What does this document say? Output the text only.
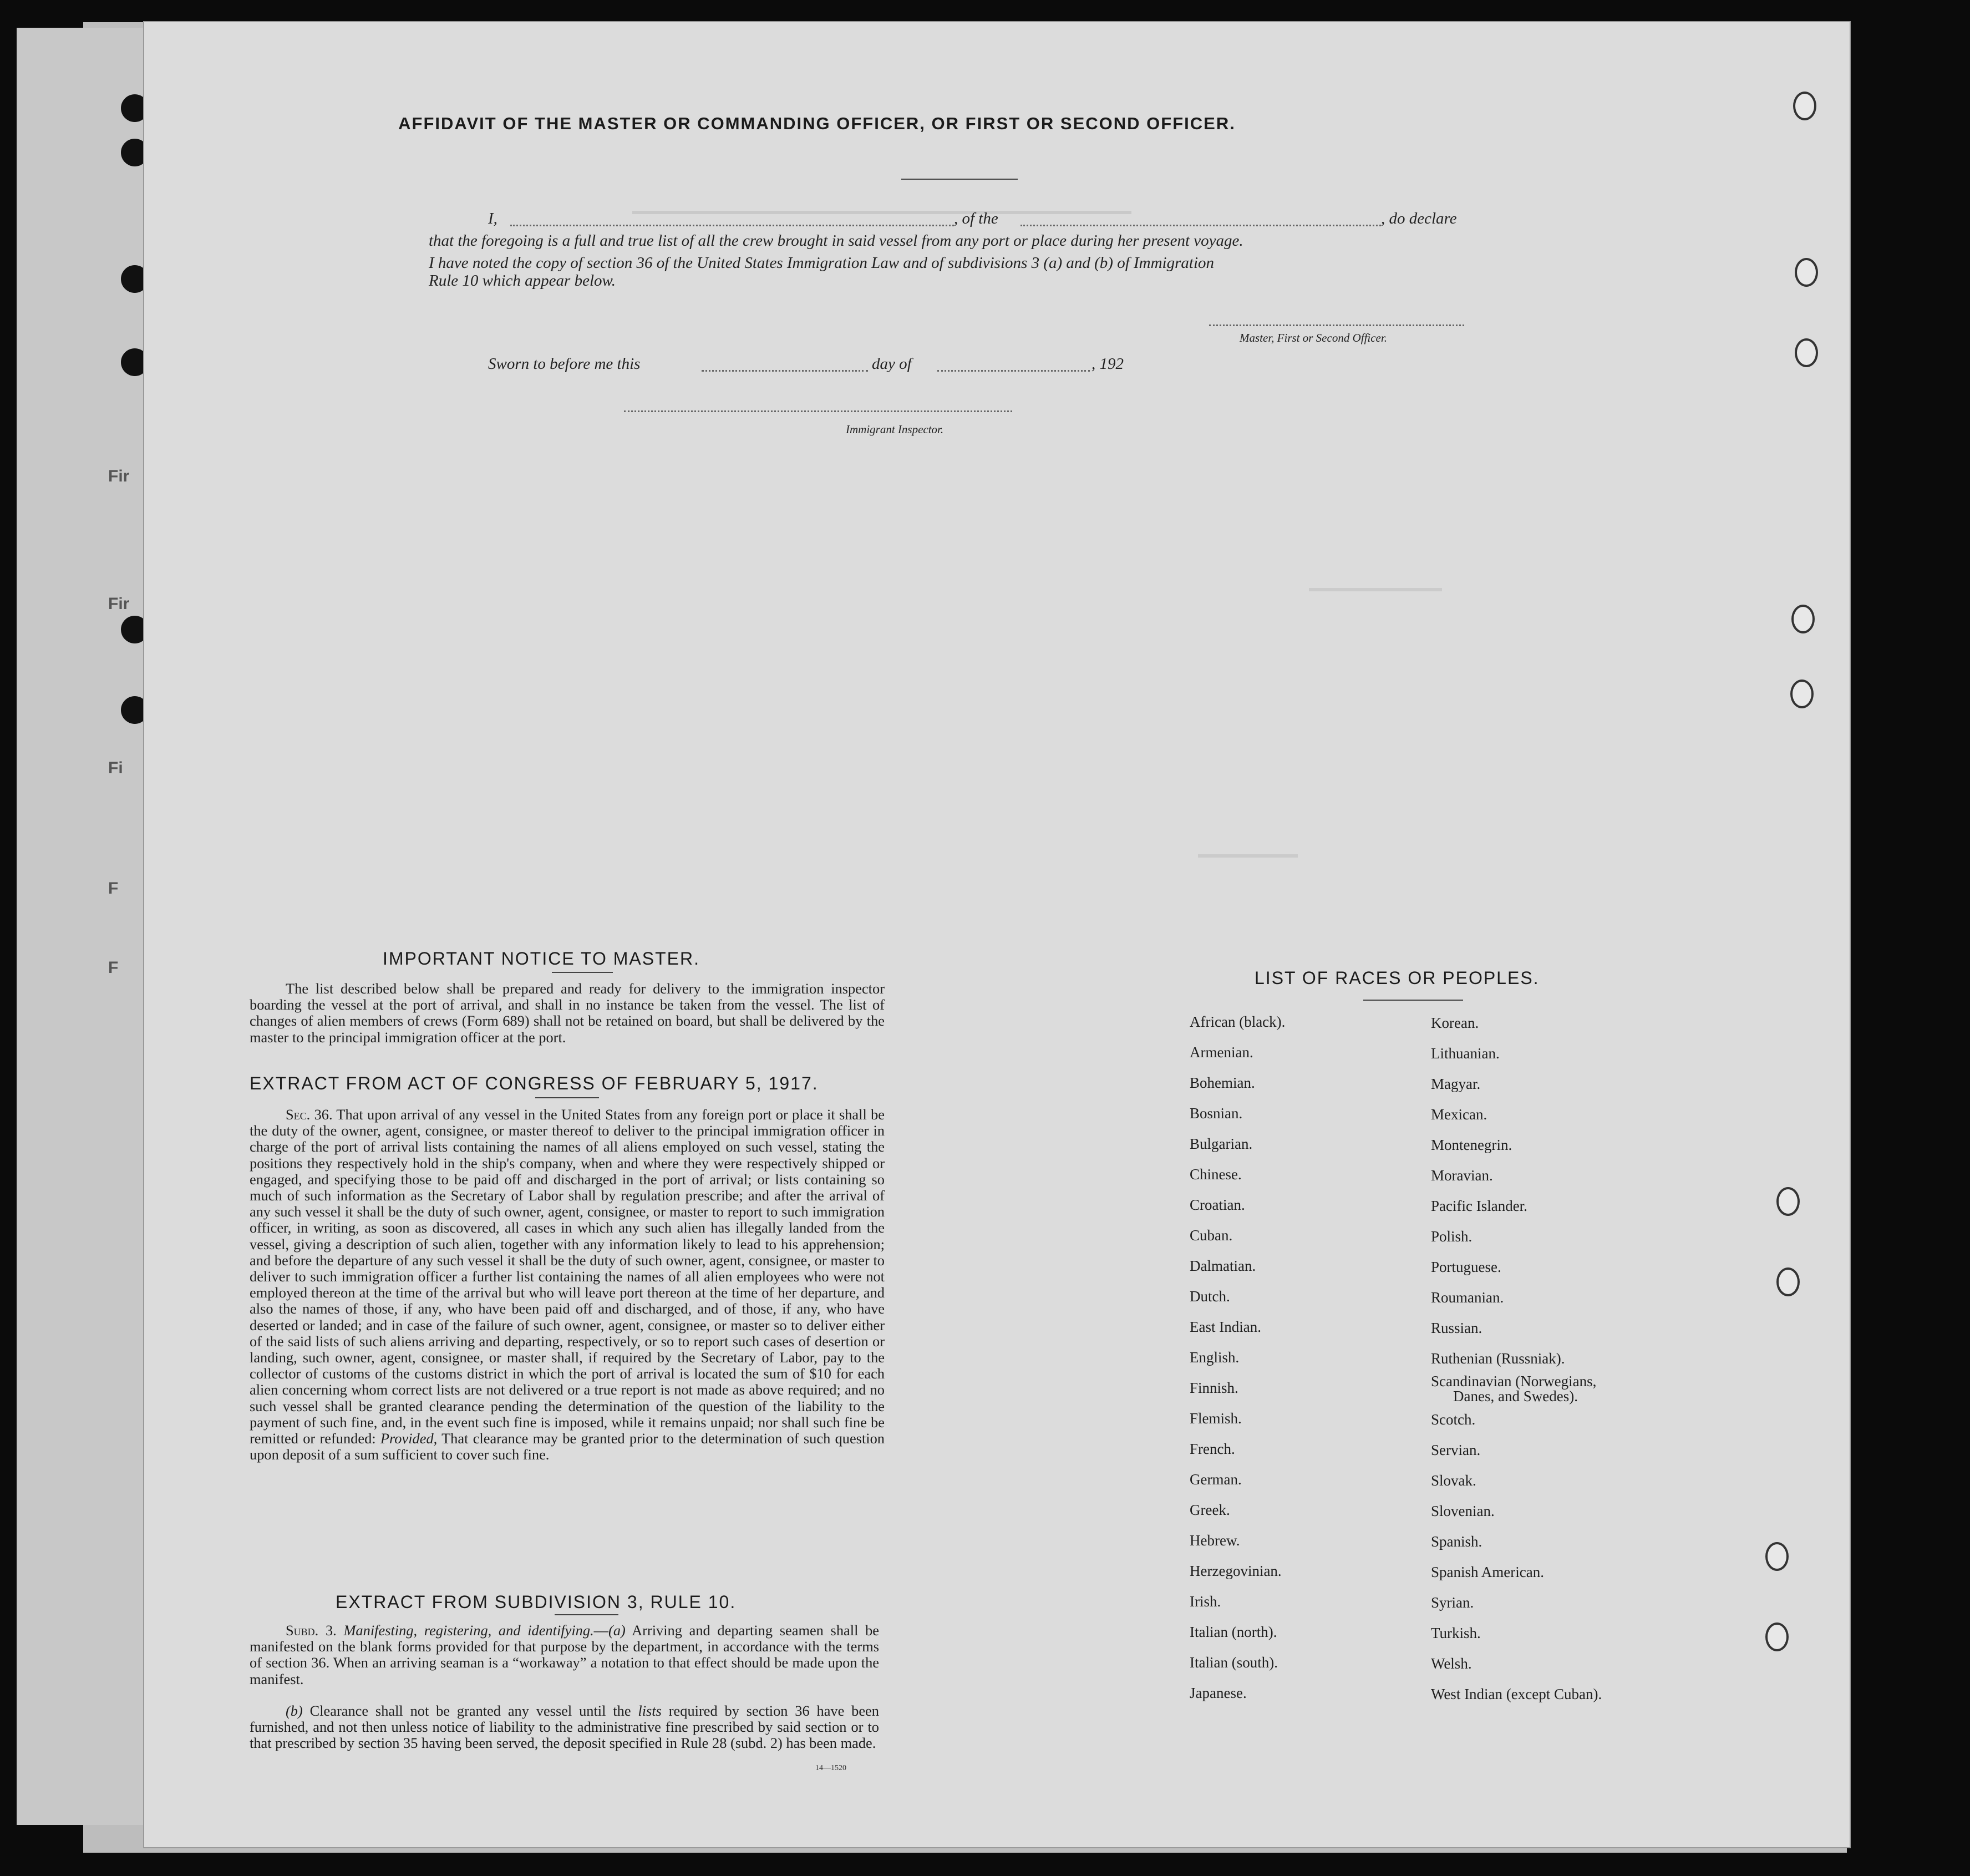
Fir
Fir
Fi
F
F
AFFIDAVIT OF THE MASTER OR COMMANDING OFFICER, OR FIRST OR SECOND OFFICER.
I,	, of the	, do declare
that the foregoing is a full and true list of all the crew brought in said vessel from any port or place during her present voyage.
I have noted the copy of section 36 of the United States Immigration Law and of subdivisions 3 (a) and (b) of Immigration
Rule 10 which appear below.
Master, First or Second Officer.
Sworn to before me this	day of	, 192
Immigrant Inspector.
IMPORTANT NOTICE TO MASTER.
The list described below shall be prepared and ready for delivery to the immigration inspector boarding the vessel at the port of arrival, and shall in no instance be taken from the vessel. The list of changes of alien members of crews (Form 689) shall not be retained on board, but shall be delivered by the master to the principal immigration officer at the port.
EXTRACT FROM ACT OF CONGRESS OF FEBRUARY 5, 1917.
Sec. 36. That upon arrival of any vessel in the United States from any foreign port or place it shall be the duty of the owner, agent, consignee, or master thereof to deliver to the principal immigration officer in charge of the port of arrival lists containing the names of all aliens employed on such vessel, stating the positions they respectively hold in the ship's company, when and where they were respectively shipped or engaged, and specifying those to be paid off and discharged in the port of arrival; or lists containing so much of such information as the Secretary of Labor shall by regulation prescribe; and after the arrival of any such vessel it shall be the duty of such owner, agent, consignee, or master to report to such immigration officer, in writing, as soon as discovered, all cases in which any such alien has illegally landed from the vessel, giving a description of such alien, together with any information likely to lead to his apprehension; and before the departure of any such vessel it shall be the duty of such owner, agent, consignee, or master to deliver to such immigration officer a further list containing the names of all alien employees who were not employed thereon at the time of the arrival but who will leave port thereon at the time of her departure, and also the names of those, if any, who have been paid off and discharged, and of those, if any, who have deserted or landed; and in case of the failure of such owner, agent, consignee, or master so to deliver either of the said lists of such aliens arriving and departing, respectively, or so to report such cases of desertion or landing, such owner, agent, consignee, or master shall, if required by the Secretary of Labor, pay to the collector of customs of the customs district in which the port of arrival is located the sum of $10 for each alien concerning whom correct lists are not delivered or a true report is not made as above required; and no such vessel shall be granted clearance pending the determination of the question of the liability to the payment of such fine, and, in the event such fine is imposed, while it remains unpaid; nor shall such fine be remitted or refunded: Provided, That clearance may be granted prior to the determination of such question upon deposit of a sum sufficient to cover such fine.
EXTRACT FROM SUBDIVISION 3, RULE 10.
Subd. 3. Manifesting, registering, and identifying.—(a) Arriving and departing seamen shall be manifested on the blank forms provided for that purpose by the department, in accordance with the terms of section 36. When an arriving seaman is a “workaway” a notation to that effect should be made upon the manifest.
(b) Clearance shall not be granted any vessel until the lists required by section 36 have been furnished, and not then unless notice of liability to the administrative fine prescribed by said section or to that prescribed by section 35 having been served, the deposit specified in Rule 28 (subd. 2) has been made.
14—1520
LIST OF RACES OR PEOPLES.
African (black).
Armenian.
Bohemian.
Bosnian.
Bulgarian.
Chinese.
Croatian.
Cuban.
Dalmatian.
Dutch.
East Indian.
English.
Finnish.
Flemish.
French.
German.
Greek.
Hebrew.
Herzegovinian.
Irish.
Italian (north).
Italian (south).
Japanese.
Korean.
Lithuanian.
Magyar.
Mexican.
Montenegrin.
Moravian.
Pacific Islander.
Polish.
Portuguese.
Roumanian.
Russian.
Ruthenian (Russniak).
Scandinavian (Norwegians,
Danes, and Swedes).
Scotch.
Servian.
Slovak.
Slovenian.
Spanish.
Spanish American.
Syrian.
Turkish.
Welsh.
West Indian (except Cuban).
